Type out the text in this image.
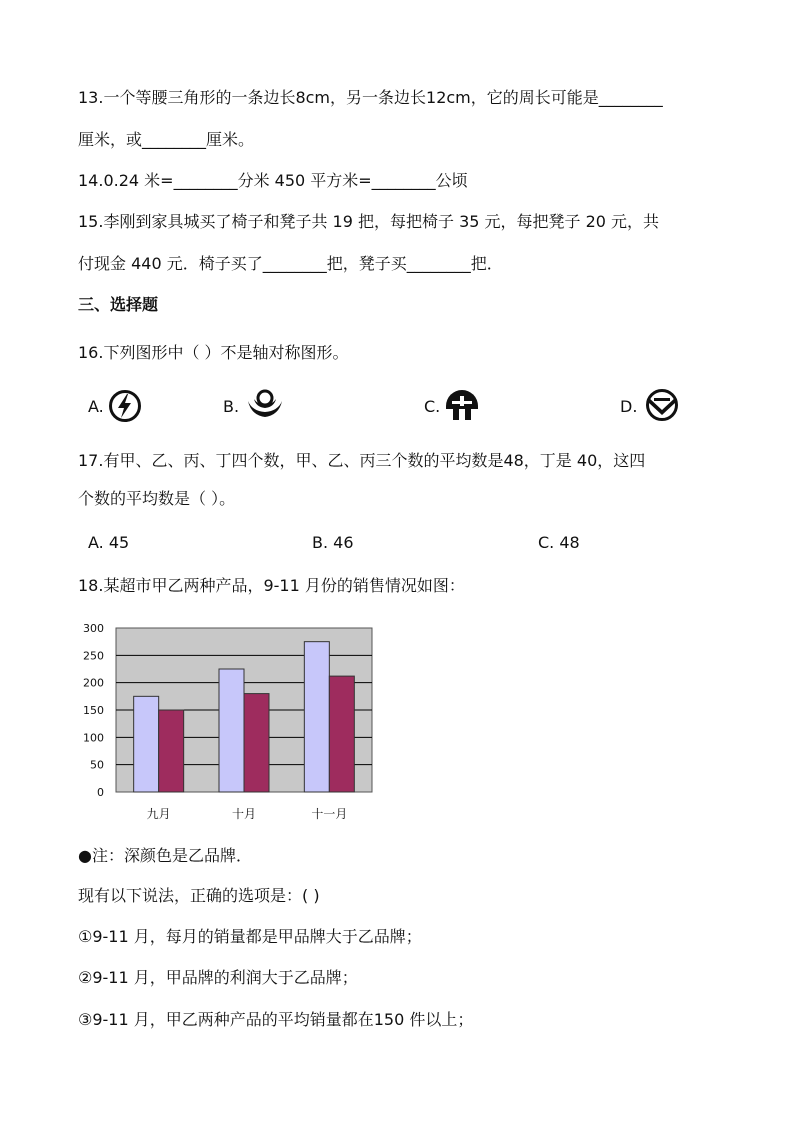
13.一个等腰三角形的一条边长8cm，另一条边长12cm，它的周长可能是________
厘米，或________厘米。
14.0.24 米=________分米 450 平方米=________公顷
15.李刚到家具城买了椅子和凳子共 19 把，每把椅子 35 元，每把凳子 20 元，共
付现金 440 元．椅子买了________把，凳子买________把．
三、选择题
16.下列图形中（ ）不是轴对称图形。
A.	B.	C.	D.
17.有甲、乙、丙、丁四个数，甲、乙、丙三个数的平均数是48，丁是 40，这四
个数的平均数是（ ）。
A. 45	B. 46	C. 48
18.某超市甲乙两种产品，9-11 月份的销售情况如图：
0
50
100
150
200
250
300
九月	十月	十一月
●注：深颜色是乙品牌．
现有以下说法，正确的选项是：( )
①9-11 月，每月的销量都是甲品牌大于乙品牌；
②9-11 月，甲品牌的利润大于乙品牌；
③9-11 月，甲乙两种产品的平均销量都在150 件以上；
